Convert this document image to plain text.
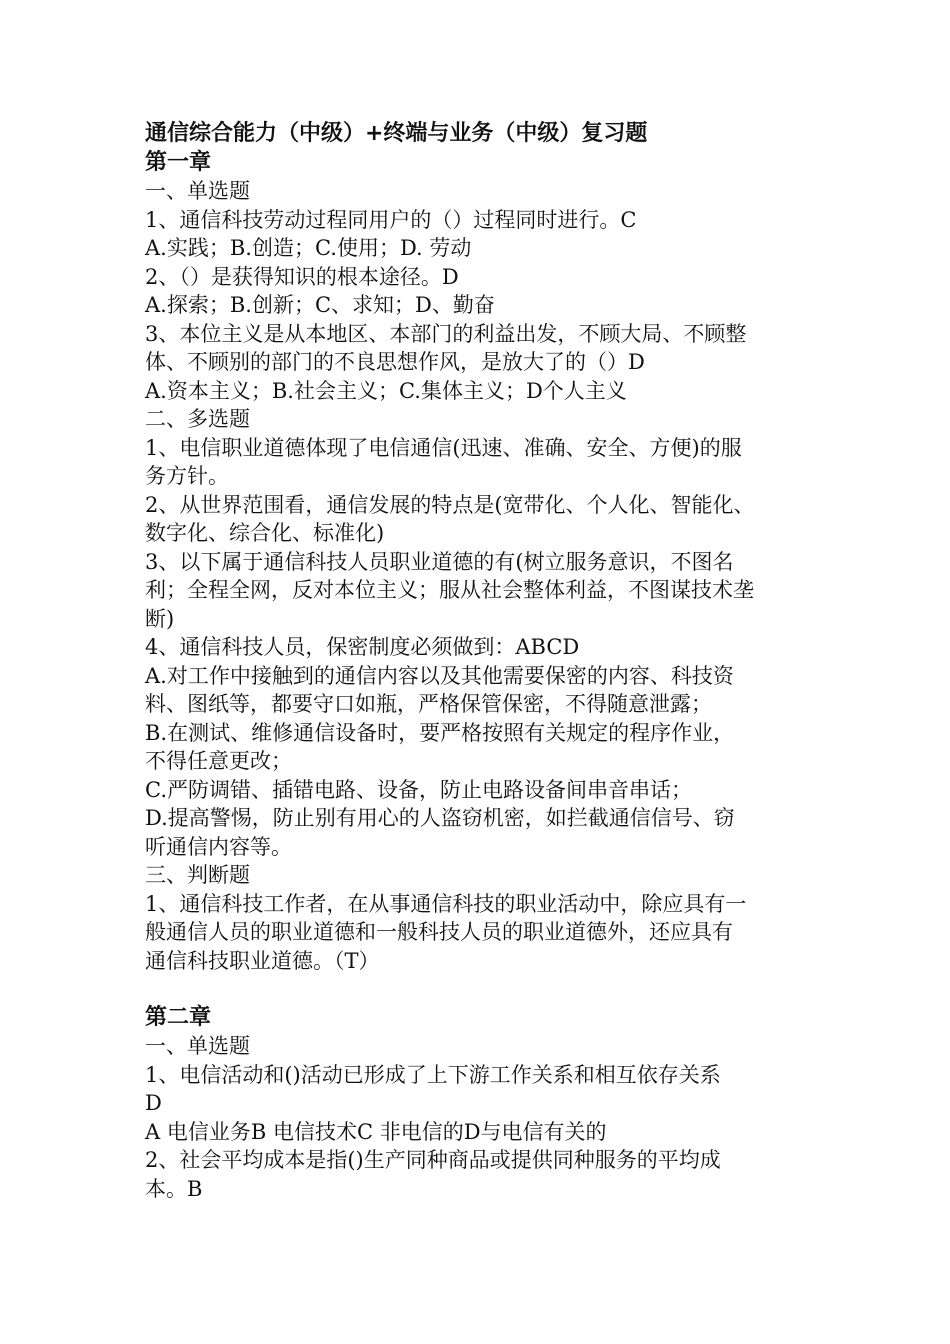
通信综合能力（中级）+终端与业务（中级）复习题
第一章
一、单选题
1、通信科技劳动过程同用户的（）过程同时进行。C
A.实践；B.创造；C.使用；D. 劳动
2、（）是获得知识的根本途径。D
A.探索；B.创新；C、求知；D、勤奋
3、本位主义是从本地区、本部门的利益出发，不顾大局、不顾整
体、不顾别的部门的不良思想作风，是放大了的（）D
A.资本主义；B.社会主义；C.集体主义；D个人主义
二、多选题
1、电信职业道德体现了电信通信(迅速、准确、安全、方便)的服
务方针。
2、从世界范围看，通信发展的特点是(宽带化、个人化、智能化、
数字化、综合化、标准化)
3、以下属于通信科技人员职业道德的有(树立服务意识，不图名
利；全程全网，反对本位主义；服从社会整体利益，不图谋技术垄
断)
4、通信科技人员，保密制度必须做到：ABCD
A.对工作中接触到的通信内容以及其他需要保密的内容、科技资
料、图纸等，都要守口如瓶，严格保管保密，不得随意泄露；
B.在测试、维修通信设备时，要严格按照有关规定的程序作业，
不得任意更改；
C.严防调错、插错电路、设备，防止电路设备间串音串话；
D.提高警惕，防止别有用心的人盗窃机密，如拦截通信信号、窃
听通信内容等。
三、判断题
1、通信科技工作者，在从事通信科技的职业活动中，除应具有一
般通信人员的职业道德和一般科技人员的职业道德外，还应具有
通信科技职业道德。（T）
第二章
一、单选题
1、电信活动和()活动已形成了上下游工作关系和相互依存关系
D
A 电信业务B 电信技术C 非电信的D与电信有关的
2、社会平均成本是指()生产同种商品或提供同种服务的平均成
本。B
